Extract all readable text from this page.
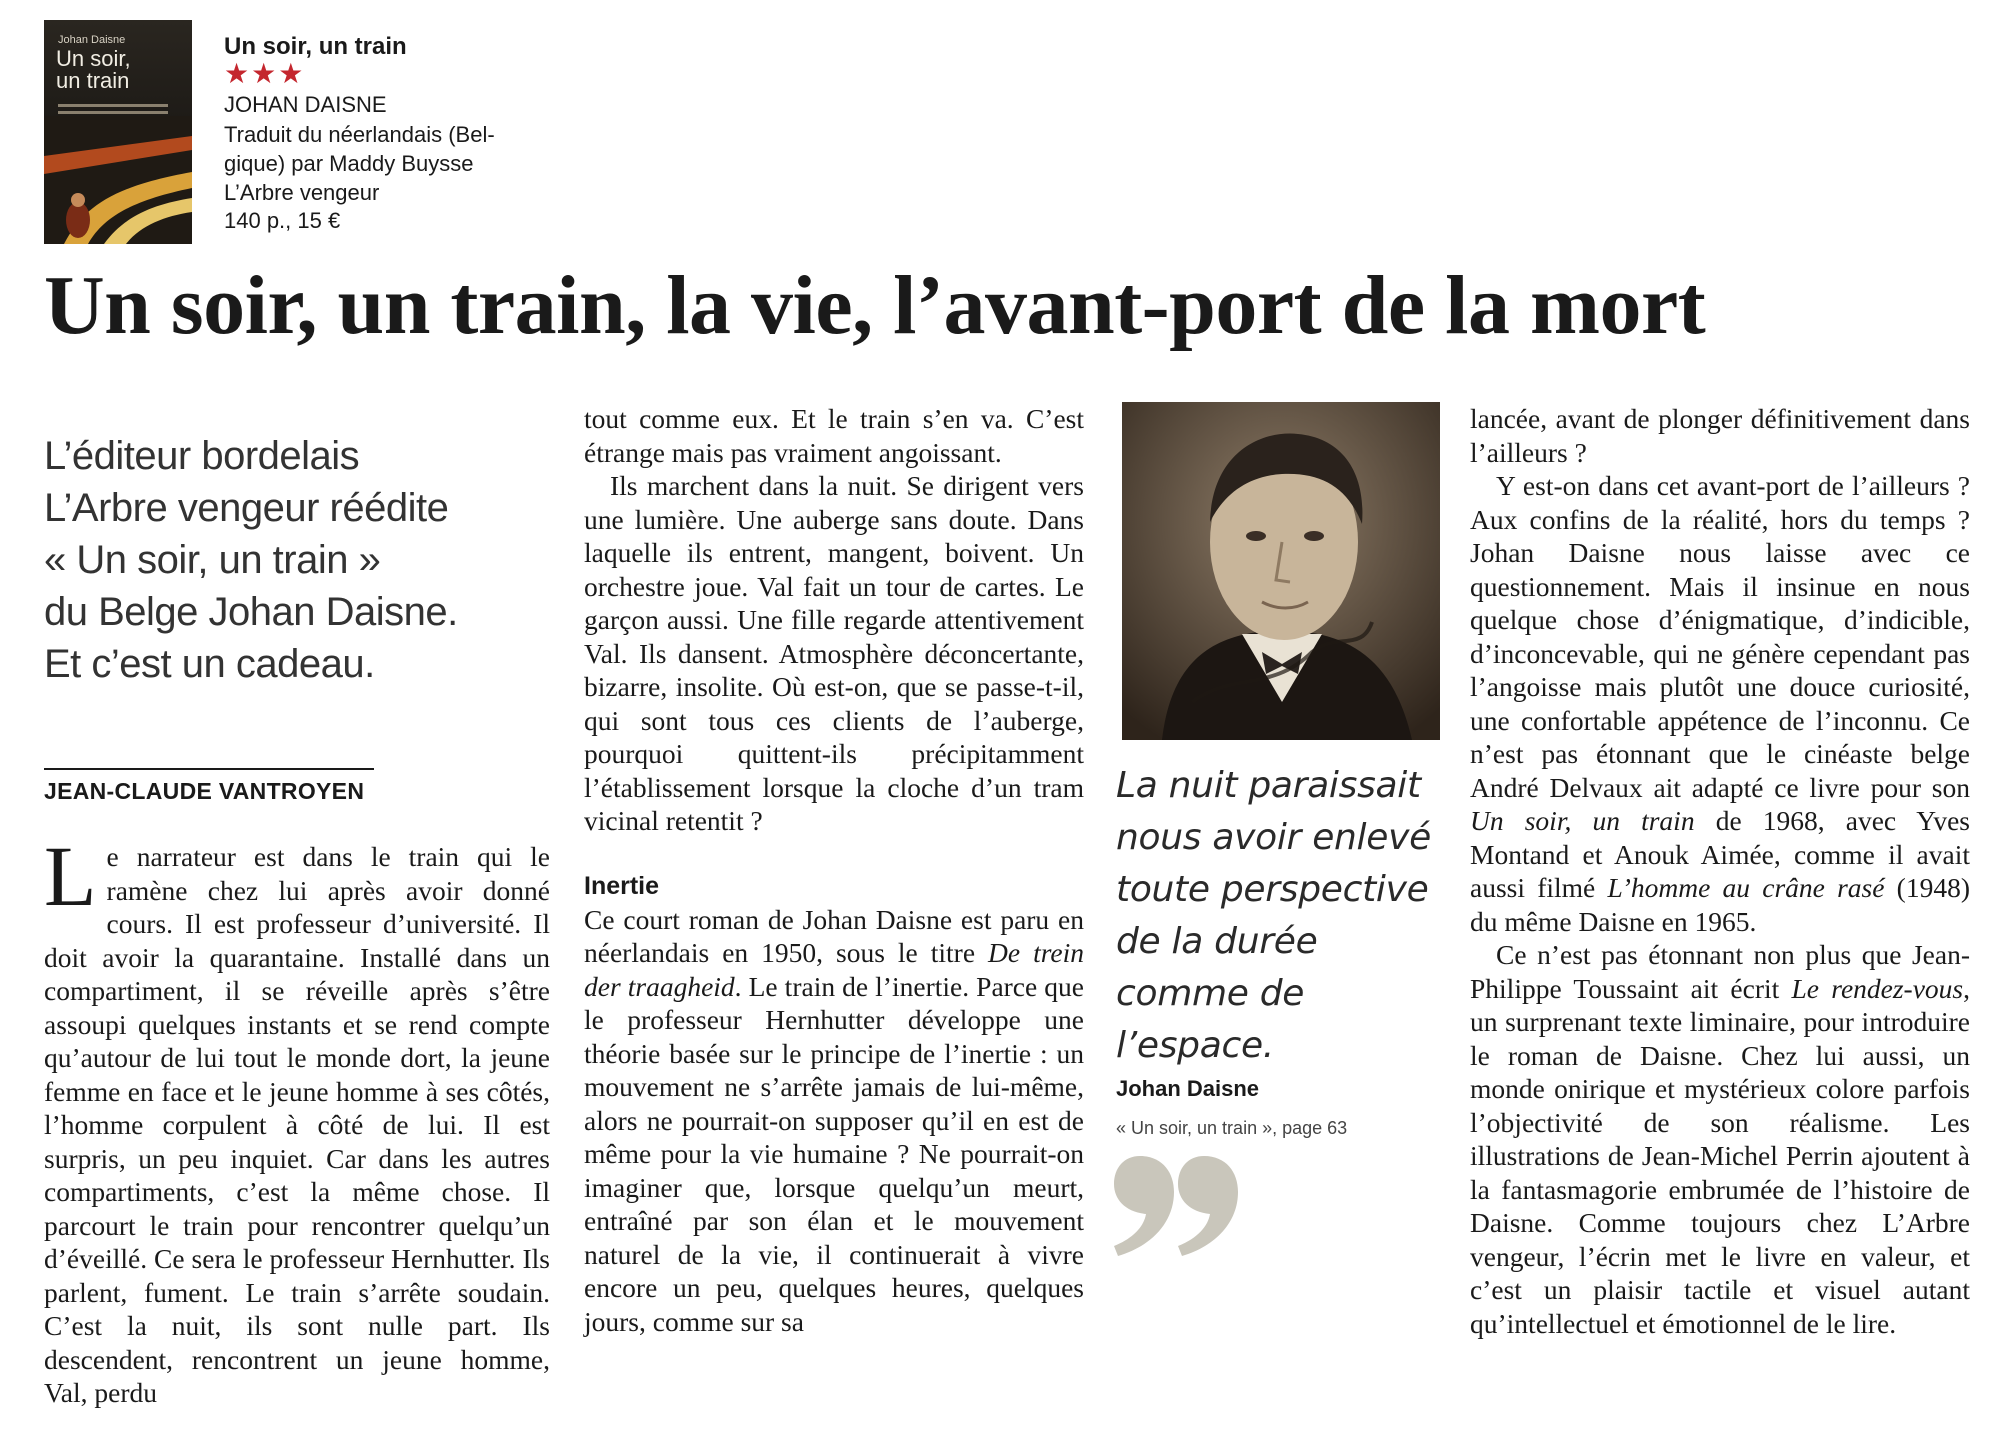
Johan Daisne
Un soir,
un train
Un soir, un train
★★★
JOHAN DAISNE
Traduit du néerlandais (Bel-
gique) par Maddy Buysse
L’Arbre vengeur
140 p., 15 €
Un soir, un train, la vie, l’avant-port de la mort
L’éditeur bordelais
L’Arbre vengeur réédite
« Un soir, un train »
du Belge Johan Daisne.
Et c’est un cadeau.
JEAN-CLAUDE VANTROYEN

Le narrateur est dans le train qui le ramène chez lui après avoir donné cours. Il est professeur d’université. Il doit avoir la quarantaine. Installé dans un compartiment, il se réveille après s’être assoupi quelques instants et se rend compte qu’autour de lui tout le monde dort, la jeune femme en face et le jeune homme à ses côtés, l’homme corpulent à côté de lui. Il est surpris, un peu inquiet. Car dans les autres compartiments, c’est la même chose. Il parcourt le train pour rencontrer quelqu’un d’éveillé. Ce sera le professeur Hernhutter. Ils parlent, fument. Le train s’arrête soudain. C’est la nuit, ils sont nulle part. Ils descendent, rencontrent un jeune homme, Val, perdu

tout comme eux. Et le train s’en va. C’est étrange mais pas vraiment angoissant.

Ils marchent dans la nuit. Se dirigent vers une lumière. Une auberge sans doute. Dans laquelle ils entrent, mangent, boivent. Un orchestre joue. Val fait un tour de cartes. Le garçon aussi. Une fille regarde attentivement Val. Ils dansent. Atmosphère déconcertante, bizarre, insolite. Où est-on, que se passe-t-il, qui sont tous ces clients de l’auberge, pourquoi quittent-ils précipitamment l’établissement lorsque la cloche d’un tram vicinal retentit ?

Inertie

Ce court roman de Johan Daisne est paru en néerlandais en 1950, sous le titre De trein der traagheid. Le train de l’inertie. Parce que le professeur Hernhutter développe une théorie basée sur le principe de l’inertie : un mouvement ne s’arrête jamais de lui-même, alors ne pourrait-on supposer qu’il en est de même pour la vie humaine ? Ne pourrait-on imaginer que, lorsque quelqu’un meurt, entraîné par son élan et le mouvement naturel de la vie, il continuerait à vivre encore un peu, quelques heures, quelques jours, comme sur sa

La nuit paraissait
nous avoir enlevé
toute perspective
de la durée
comme de
l’espace.
Johan Daisne
« Un soir, un train », page 63

lancée, avant de plonger définitivement dans l’ailleurs ?

Y est-on dans cet avant-port de l’ailleurs ? Aux confins de la réalité, hors du temps ? Johan Daisne nous laisse avec ce questionnement. Mais il insinue en nous quelque chose d’énigmatique, d’indicible, d’inconcevable, qui ne génère cependant pas l’angoisse mais plutôt une douce curiosité, une confortable appétence de l’inconnu. Ce n’est pas étonnant que le cinéaste belge André Delvaux ait adapté ce livre pour son Un soir, un train de 1968, avec Yves Montand et Anouk Aimée, comme il avait aussi filmé L’homme au crâne rasé (1948) du même Daisne en 1965.

Ce n’est pas étonnant non plus que Jean-Philippe Toussaint ait écrit Le rendez-vous, un surprenant texte liminaire, pour introduire le roman de Daisne. Chez lui aussi, un monde onirique et mystérieux colore parfois l’objectivité de son réalisme. Les illustrations de Jean-Michel Perrin ajoutent à la fantasmagorie embrumée de l’histoire de Daisne. Comme toujours chez L’Arbre vengeur, l’écrin met le livre en valeur, et c’est un plaisir tactile et visuel autant qu’intellectuel et émotionnel de le lire.
